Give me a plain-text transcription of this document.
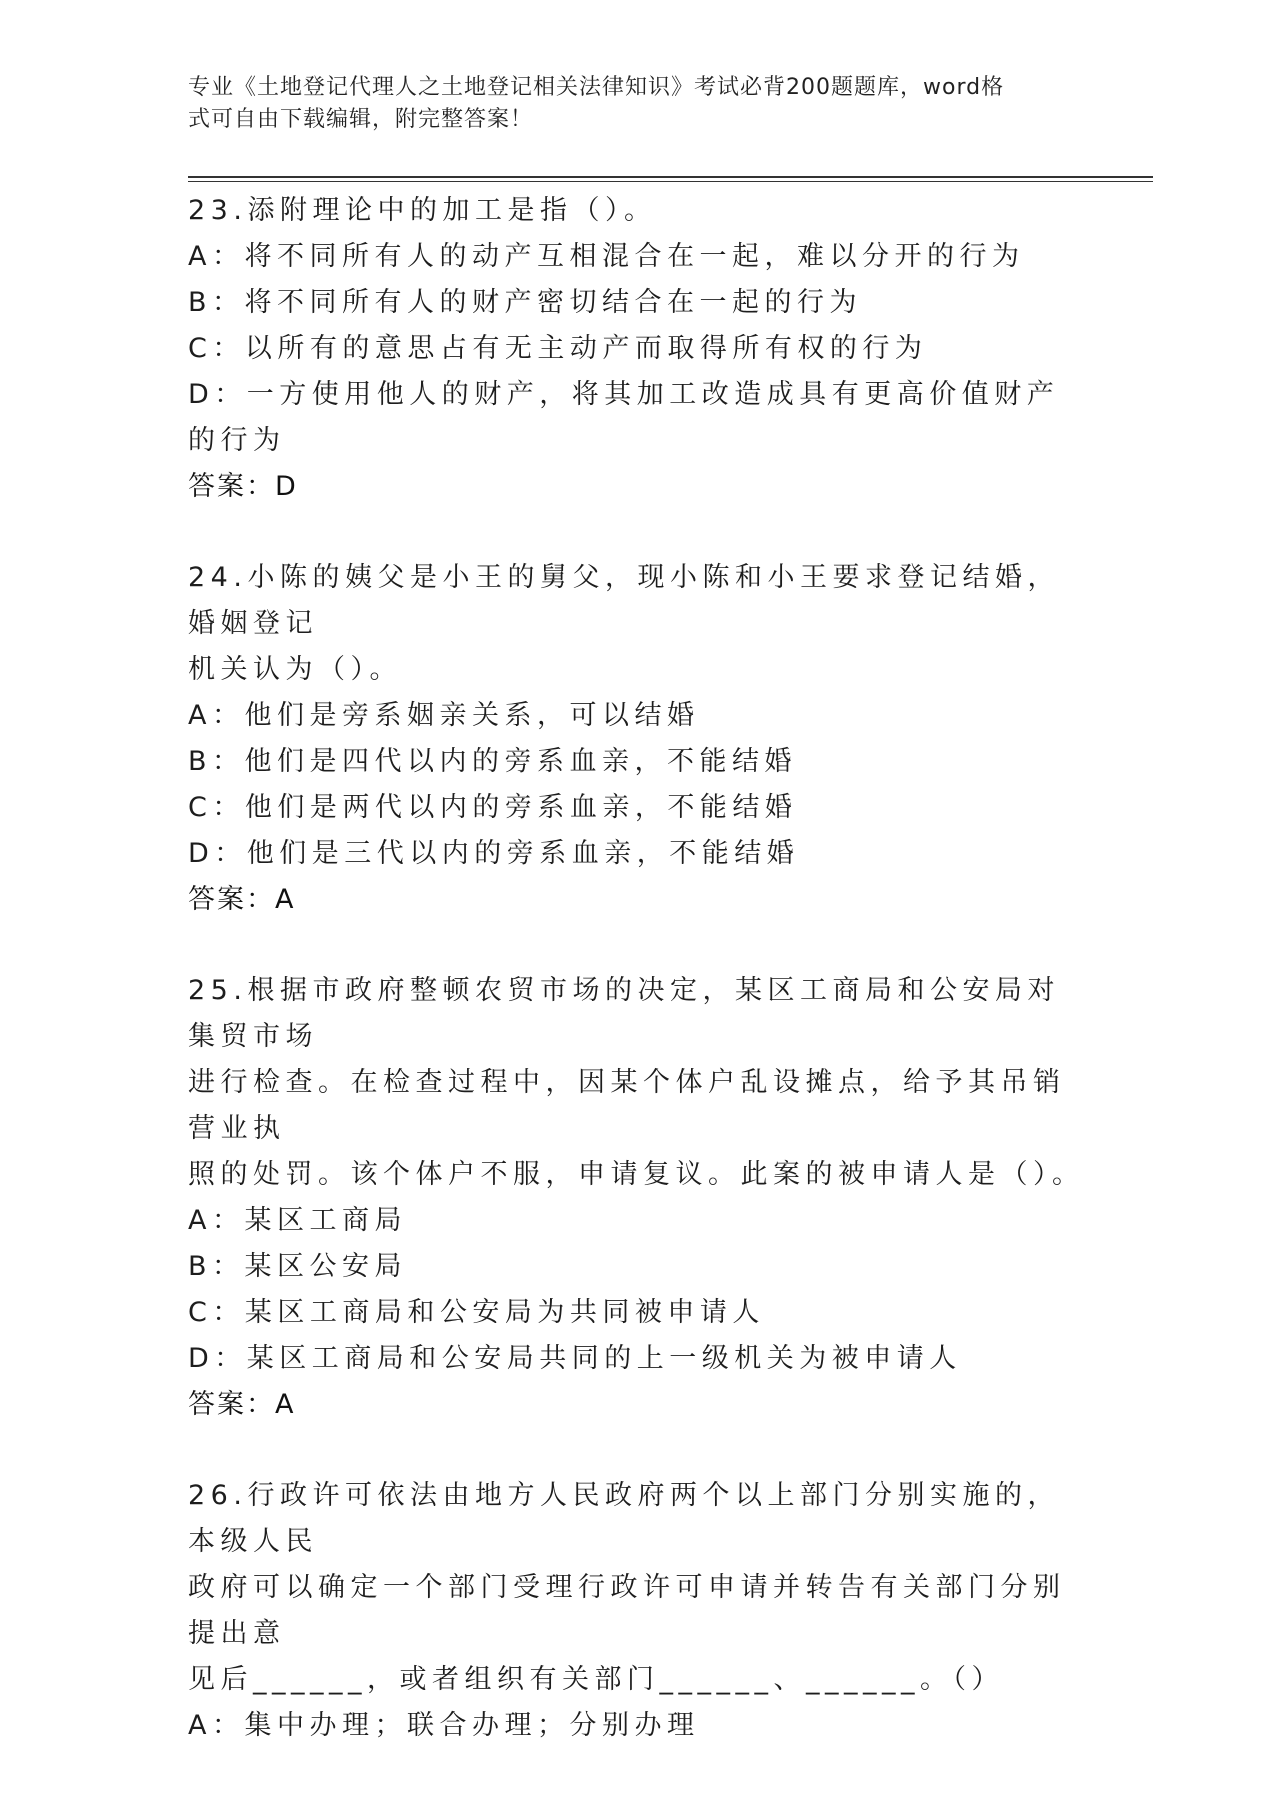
专业《土地登记代理人之土地登记相关法律知识》考试必背200题题库，word格
式可自由下载编辑，附完整答案！
23.添附理论中的加工是指（）。
A：将不同所有人的动产互相混合在一起，难以分开的行为
B：将不同所有人的财产密切结合在一起的行为
C：以所有的意思占有无主动产而取得所有权的行为
D：一方使用他人的财产，将其加工改造成具有更高价值财产的行为
答案：D
24.小陈的姨父是小王的舅父，现小陈和小王要求登记结婚，婚姻登记
机关认为（）。
A：他们是旁系姻亲关系，可以结婚
B：他们是四代以内的旁系血亲，不能结婚
C：他们是两代以内的旁系血亲，不能结婚
D：他们是三代以内的旁系血亲，不能结婚
答案：A
25.根据市政府整顿农贸市场的决定，某区工商局和公安局对集贸市场
进行检查。在检查过程中，因某个体户乱设摊点，给予其吊销营业执
照的处罚。该个体户不服，申请复议。此案的被申请人是（）。
A：某区工商局
B：某区公安局
C：某区工商局和公安局为共同被申请人
D：某区工商局和公安局共同的上一级机关为被申请人
答案：A
26.行政许可依法由地方人民政府两个以上部门分别实施的，本级人民
政府可以确定一个部门受理行政许可申请并转告有关部门分别提出意
见后______，或者组织有关部门______、______。（）
A：集中办理；联合办理；分别办理
